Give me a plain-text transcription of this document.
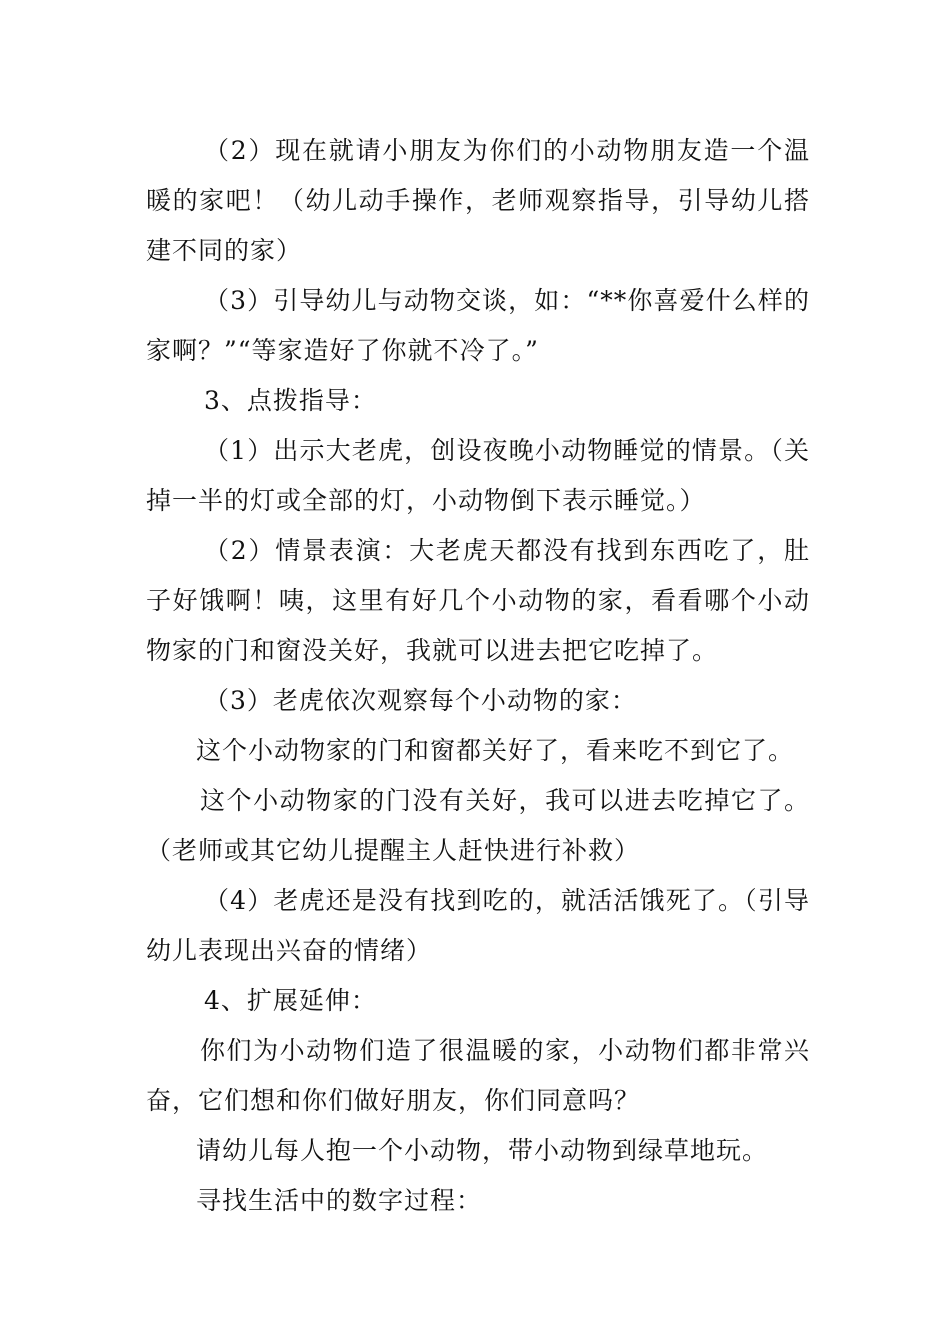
（2）现在就请小朋友为你们的小动物朋友造一个温暖的家吧！（幼儿动手操作，老师观察指导，引导幼儿搭建不同的家）

（3）引导幼儿与动物交谈，如：“**你喜爱什么样的家啊？”“等家造好了你就不冷了。”

3、点拨指导：

（1）出示大老虎，创设夜晚小动物睡觉的情景。（关掉一半的灯或全部的灯，小动物倒下表示睡觉。）

（2）情景表演：大老虎天都没有找到东西吃了，肚子好饿啊！咦，这里有好几个小动物的家，看看哪个小动物家的门和窗没关好，我就可以进去把它吃掉了。

（3）老虎依次观察每个小动物的家：

这个小动物家的门和窗都关好了，看来吃不到它了。

这个小动物家的门没有关好，我可以进去吃掉它了。（老师或其它幼儿提醒主人赶快进行补救）

（4）老虎还是没有找到吃的，就活活饿死了。（引导幼儿表现出兴奋的情绪）

4、扩展延伸：

你们为小动物们造了很温暖的家，小动物们都非常兴奋，它们想和你们做好朋友，你们同意吗？

请幼儿每人抱一个小动物，带小动物到绿草地玩。

寻找生活中的数字过程：
